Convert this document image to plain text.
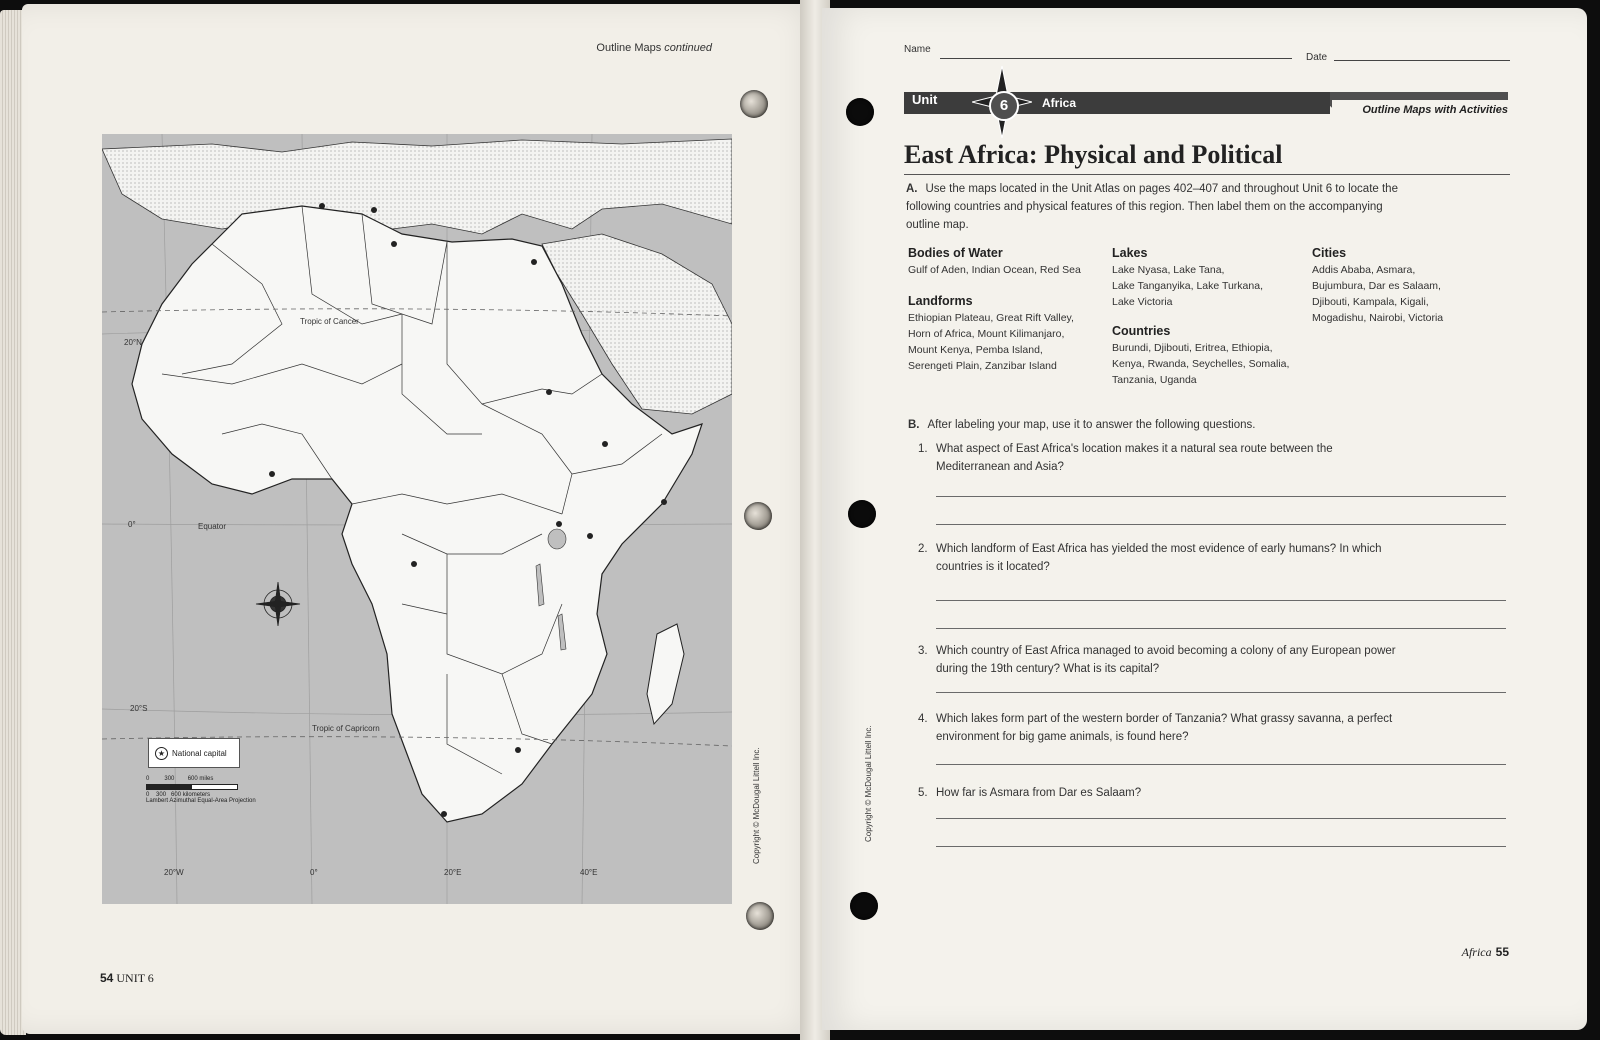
Outline Maps continued
Tropic of Cancer
Equator
Tropic of Capricorn
20°N
0°
20°S
20°W	0°	20°E	40°E
★ National capital
0	300 600 miles
0 300 600 kilometers
Lambert Azimuthal Equal-Area Projection	Copyright © McDougal Littell Inc.
54 UNIT 6
Name
Date
6
Unit	Africa	Outline Maps with Activities
East Africa: Physical and Political
A. Use the maps located in the Unit Atlas on pages 402–407 and throughout Unit 6 to locate the following countries and physical features of this region. Then label them on the accompanying outline map.
Bodies of Water
Gulf of Aden, Indian Ocean, Red Sea
Landforms
Ethiopian Plateau, Great Rift Valley,
Horn of Africa, Mount Kilimanjaro,
Mount Kenya, Pemba Island,
Serengeti Plain, Zanzibar Island
Lakes
Lake Nyasa, Lake Tana,
Lake Tanganyika, Lake Turkana,
Lake Victoria
Countries
Burundi, Djibouti, Eritrea, Ethiopia,
Kenya, Rwanda, Seychelles, Somalia,
Tanzania, Uganda
Cities
Addis Ababa, Asmara,
Bujumbura, Dar es Salaam,
Djibouti, Kampala, Kigali,
Mogadishu, Nairobi, Victoria
B. After labeling your map, use it to answer the following questions.
1. What aspect of East Africa's location makes it a natural sea route between the Mediterranean and Asia?
2. Which landform of East Africa has yielded the most evidence of early humans? In which countries is it located?
3. Which country of East Africa managed to avoid becoming a colony of any European power during the 19th century? What is its capital?
4. Which lakes form part of the western border of Tanzania? What grassy savanna, a perfect environment for big game animals, is found here?
5. How far is Asmara from Dar es Salaam?
Copyright © McDougal Littell Inc.
Africa 55
